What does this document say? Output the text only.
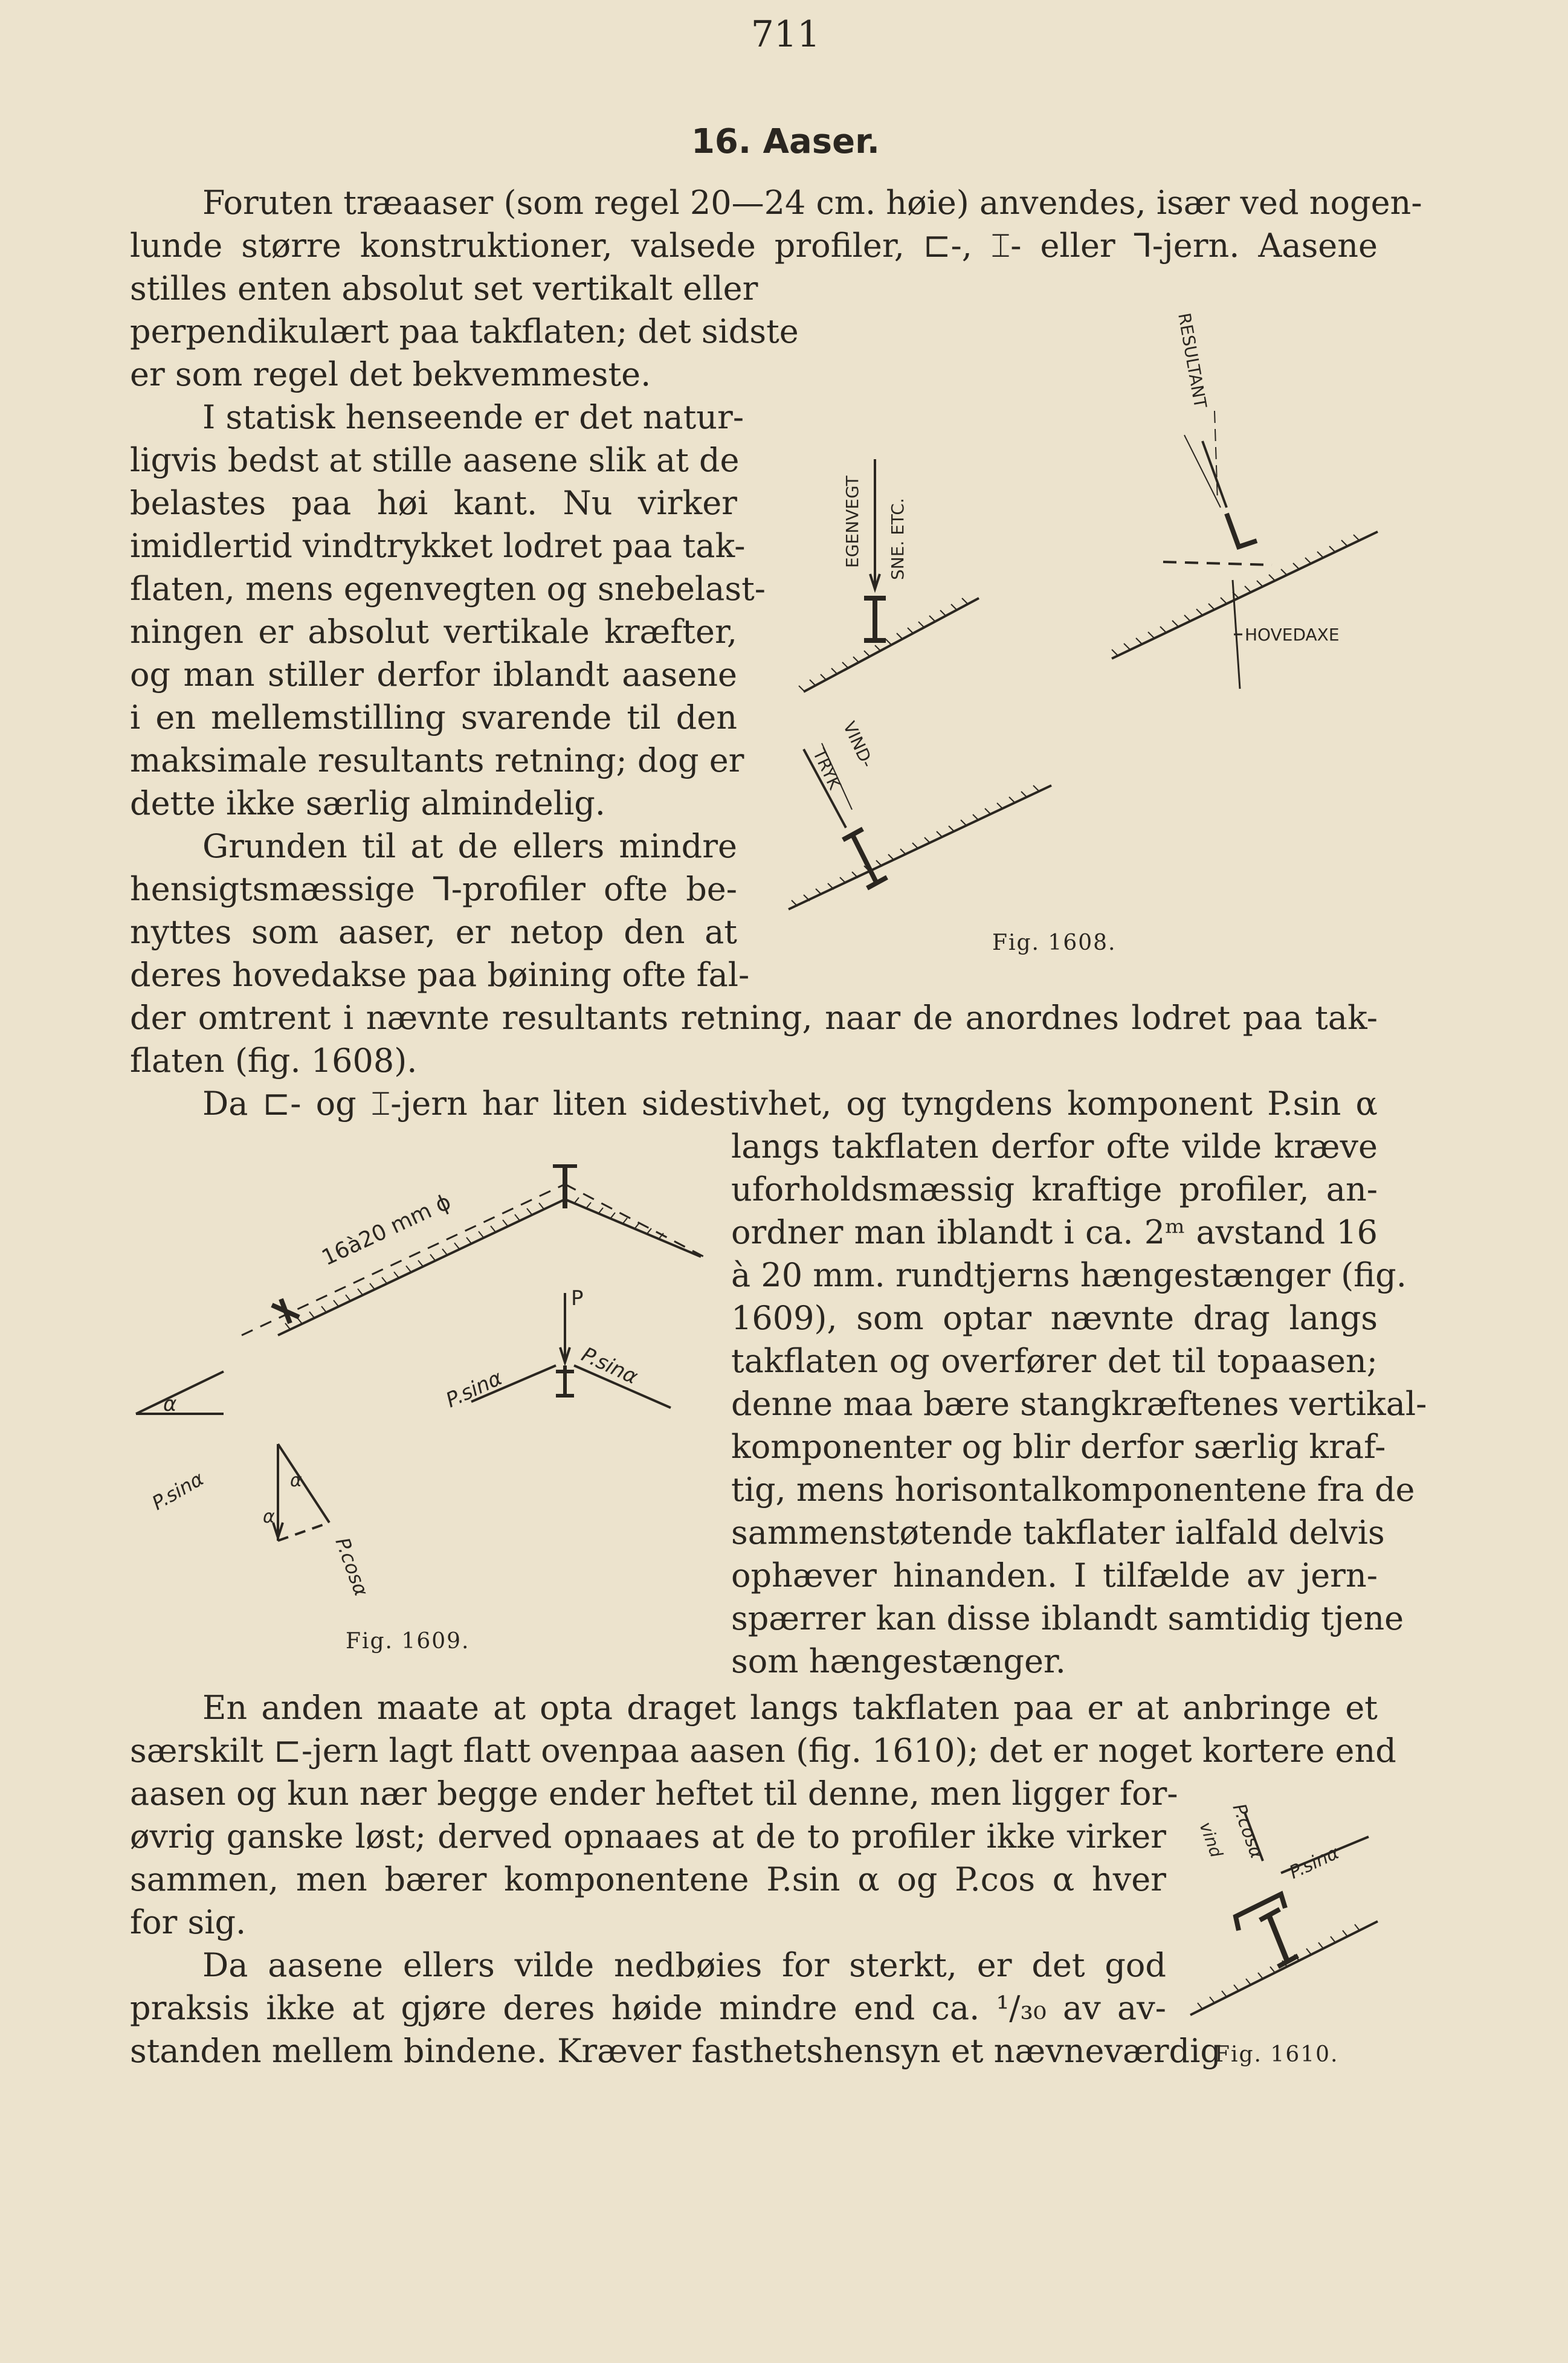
711
16. Aaser.
Foruten træaaser (som regel 20—24 cm. høie) anvendes, især ved nogen-
lunde større konstruktioner, valsede profiler, ⊏-, ⌶- eller ⅂-jern. Aasene
stilles enten absolut set vertikalt eller
perpendikulært paa takflaten; det sidste
er som regel det bekvemmeste.
I statisk henseende er det natur-
ligvis bedst at stille aasene slik at de
belastes paa høi kant. Nu virker
imidlertid vindtrykket lodret paa tak-
flaten, mens egenvegten og snebelast-
ningen er absolut vertikale kræfter,
og man stiller derfor iblandt aasene
i en mellemstilling svarende til den
maksimale resultants retning; dog er
dette ikke særlig almindelig.
Grunden til at de ellers mindre
hensigtsmæssige ⅂-profiler ofte be-
nyttes som aaser, er netop den at
deres hovedakse paa bøining ofte fal-
der omtrent i nævnte resultants retning, naar de anordnes lodret paa tak-
flaten (fig. 1608).
Da ⊏- og ⌶-jern har liten sidestivhet, og tyngdens komponent P.sin α
langs takflaten derfor ofte vilde kræve
uforholdsmæssig kraftige profiler, an-
ordner man iblandt i ca. 2ᵐ avstand 16
à 20 mm. rundtjerns hængestænger (fig.
1609), som optar nævnte drag langs
takflaten og overfører det til topaasen;
denne maa bære stangkræftenes vertikal-
komponenter og blir derfor særlig kraf-
tig, mens horisontalkomponentene fra de
sammenstøtende takflater ialfald delvis
ophæver hinanden. I tilfælde av jern-
spærrer kan disse iblandt samtidig tjene
som hængestænger.
En anden maate at opta draget langs takflaten paa er at anbringe et
særskilt ⊏-jern lagt flatt ovenpaa aasen (fig. 1610); det er noget kortere end
aasen og kun nær begge ender heftet til denne, men ligger for-
øvrig ganske løst; derved opnaaes at de to profiler ikke virker
sammen, men bærer komponentene P.sin α og P.cos α hver
for sig.
Da aasene ellers vilde nedbøies for sterkt, er det god
praksis ikke at gjøre deres høide mindre end ca. ¹/₃₀ av av-
standen mellem bindene. Kræver fasthetshensyn et nævneværdig
EGENVEGT SNE. ETC.
RESULTANT
HOVEDAXE
VIND-
TRYK
Fig. 1608.
16à20 mm ϕ
P
P.sinα	P.sinα
α
α
α
P.sinα
P.cosα
Fig. 1609.
P.cosα
P.sinα
vind
Fig. 1610.
